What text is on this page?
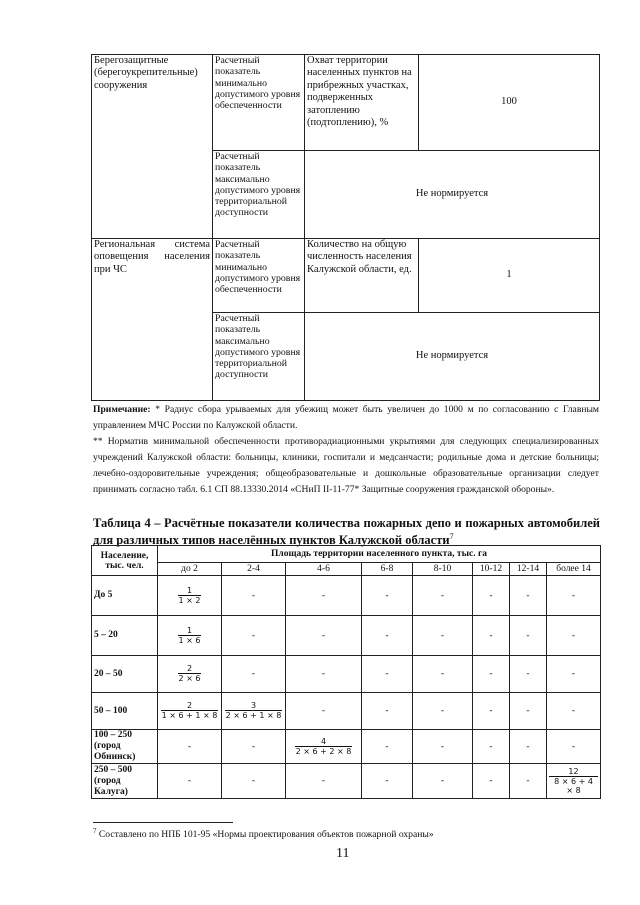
Берегозащитные (берегоукрепительные) сооружения	Расчетный показатель минимально допустимого уровня обеспеченности	Охват территории населенных пунктов на прибрежных участках, подверженных затоплению (подтоплению), %	100
	Расчетный показатель максимально допустимого уровня территориальной доступности	Не нормируется	
Региональная система оповещения населения при ЧС	Расчетный показатель минимально допустимого уровня обеспеченности	Количество на общую численность населения Калужской области, ед.	1
	Расчетный показатель максимально допустимого уровня территориальной доступности	Не нормируется	

Примечание: * Радиус сбора урываемых для убежищ может быть увеличен до 1000 м по согласованию с Главным управлением МЧС России по Калужской области.

** Норматив минимальной обеспеченности противорадиационными укрытиями для следующих специализированных учреждений Калужской области: больницы, клиники, госпитали и медсанчасти; родильные дома и детские больницы; лечебно-оздоровительные учреждения; общеобразовательные и дошкольные образовательные организации следует принимать согласно табл. 6.1 СП 88.13330.2014 «СНиП II-11-77* Защитные сооружения гражданской обороны».

Таблица 4 – Расчётные показатели количества пожарных депо и пожарных автомобилей для различных типов населённых пунктов Калужской области$^7$
Население, тыс. чел.	Площадь территории населенного пункта, тыс. га							
	до 2	2-4	4-6	6-8	8-10	10-12	12-14	более 14
До 5	$\frac{1}{1 \times 2}$	-	-	-	-	-	-	-
5 – 20	$\frac{1}{1 \times 6}$	-	-	-	-	-	-	-
20 – 50	$\frac{2}{2 \times 6}$	-	-	-	-	-	-	-
50 – 100	$\frac{2}{1 \times 6 + 1 \times 8}$	$\frac{3}{2 \times 6 + 1 \times 8}$	-	-	-	-	-	-
100 – 250 (город Обнинск)	-	-	$\frac{4}{2 \times 6 + 2 \times 8}$	-	-	-	-	-
250 – 500 (город Калуга)	-	-	-	-	-	-	-	$\frac{12}{8 \times 6 + 4 \times 8}$
$^7$ Составлено по НПБ 101-95 «Нормы проектирования объектов пожарной охраны»
11
